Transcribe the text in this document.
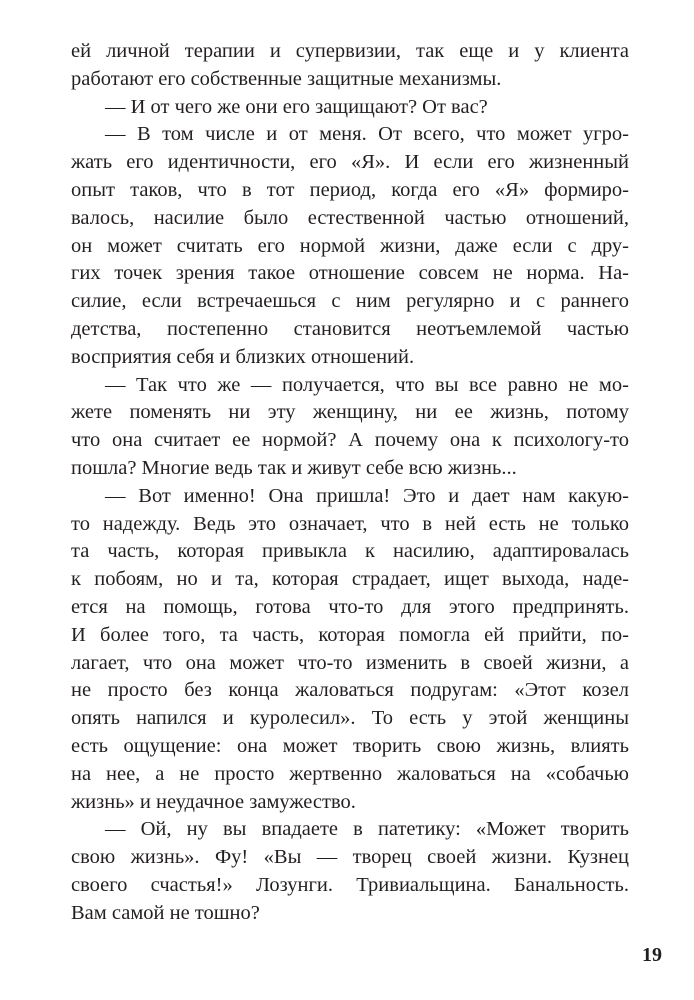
ей личной терапии и супервизии, так еще и у клиента
работают его собственные защитные механизмы.
— И от чего же они его защищают? От вас?
— В том числе и от меня. От всего, что может угро-
жать его идентичности, его «Я». И если его жизненный
опыт таков, что в тот период, когда его «Я» формиро-
валось, насилие было естественной частью отношений,
он может считать его нормой жизни, даже если с дру-
гих точек зрения такое отношение совсем не норма. На-
силие, если встречаешься с ним регулярно и с раннего
детства, постепенно становится неотъемлемой частью
восприятия себя и близких отношений.
— Так что же — получается, что вы все равно не мо-
жете поменять ни эту женщину, ни ее жизнь, потому
что она считает ее нормой? А почему она к психологу-то
пошла? Многие ведь так и живут себе всю жизнь...
— Вот именно! Она пришла! Это и дает нам какую-
то надежду. Ведь это означает, что в ней есть не только
та часть, которая привыкла к насилию, адаптировалась
к побоям, но и та, которая страдает, ищет выхода, наде-
ется на помощь, готова что-то для этого предпринять.
И более того, та часть, которая помогла ей прийти, по-
лагает, что она может что-то изменить в своей жизни, а
не просто без конца жаловаться подругам: «Этот козел
опять напился и куролесил». То есть у этой женщины
есть ощущение: она может творить свою жизнь, влиять
на нее, а не просто жертвенно жаловаться на «собачью
жизнь» и неудачное замужество.
— Ой, ну вы впадаете в патетику: «Может творить
свою жизнь». Фу! «Вы — творец своей жизни. Кузнец
своего счастья!» Лозунги. Тривиальщина. Банальность.
Вам самой не тошно?
19
